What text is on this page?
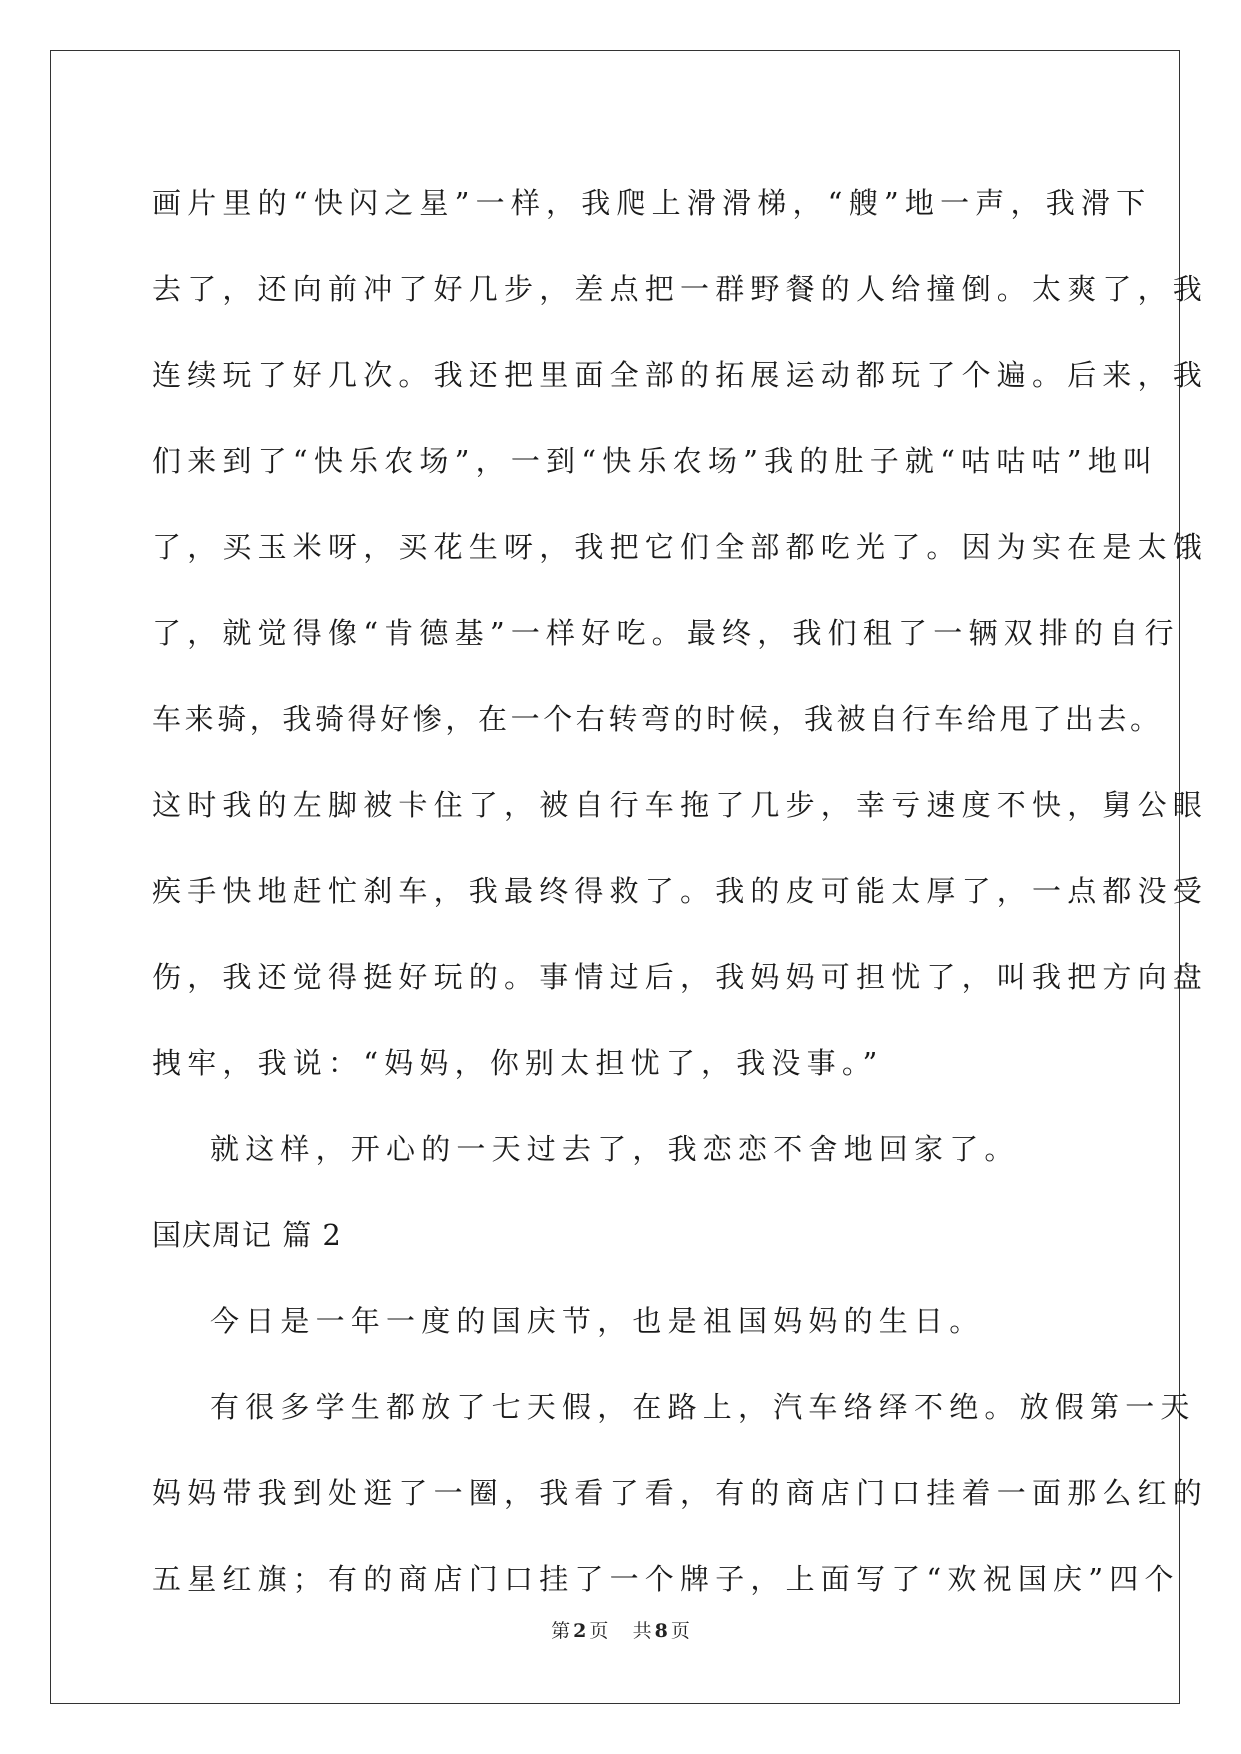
画片里的“快闪之星”一样，我爬上滑滑梯，“艘”地一声，我滑下
去了，还向前冲了好几步，差点把一群野餐的人给撞倒。太爽了，我
连续玩了好几次。我还把里面全部的拓展运动都玩了个遍。后来，我
们来到了“快乐农场”，一到“快乐农场”我的肚子就“咕咕咕”地叫
了，买玉米呀，买花生呀，我把它们全部都吃光了。因为实在是太饿
了，就觉得像“肯德基”一样好吃。最终，我们租了一辆双排的自行
车来骑，我骑得好惨，在一个右转弯的时候，我被自行车给甩了出去。
这时我的左脚被卡住了，被自行车拖了几步，幸亏速度不快，舅公眼
疾手快地赶忙刹车，我最终得救了。我的皮可能太厚了，一点都没受
伤，我还觉得挺好玩的。事情过后，我妈妈可担忧了，叫我把方向盘
拽牢，我说：“妈妈，你别太担忧了，我没事。”
就这样，开心的一天过去了，我恋恋不舍地回家了。
国庆周记 篇 2
今日是一年一度的国庆节，也是祖国妈妈的生日。
有很多学生都放了七天假，在路上，汽车络绎不绝。放假第一天
妈妈带我到处逛了一圈，我看了看，有的商店门口挂着一面那么红的
五星红旗；有的商店门口挂了一个牌子，上面写了“欢祝国庆”四个
第 2 页    共 8 页
